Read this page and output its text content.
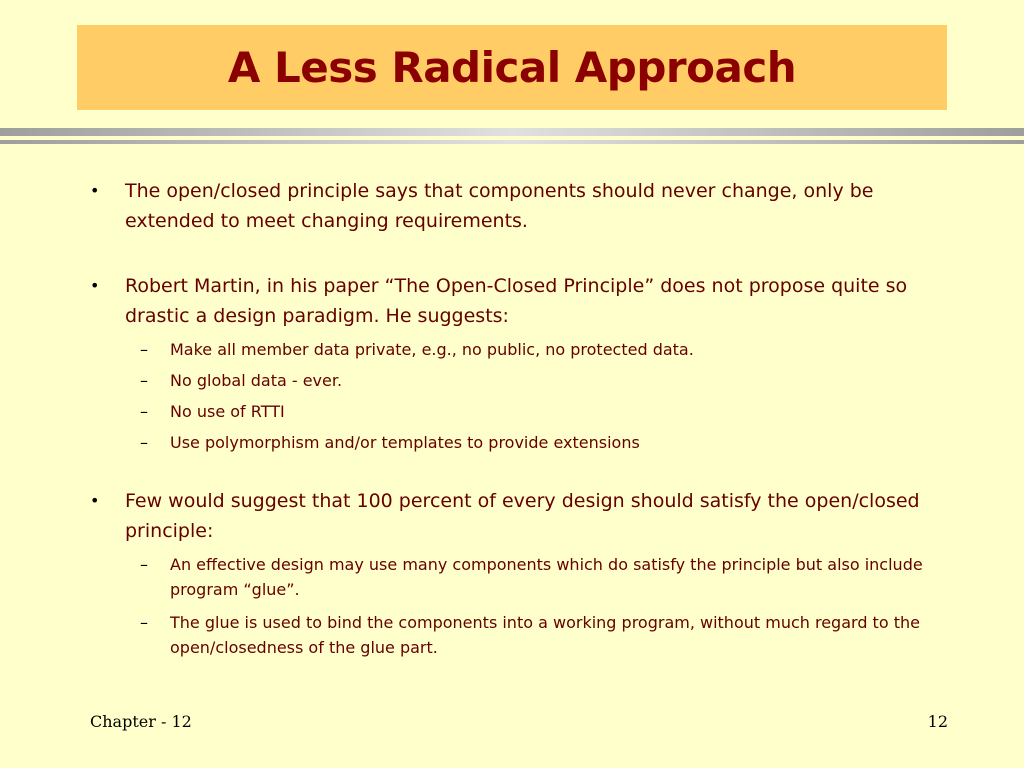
A Less Radical Approach
•	The open/closed principle says that components should never change, only be extended to meet changing requirements.
•	Robert Martin, in his paper “The Open-Closed Principle” does not propose quite so drastic a design paradigm. He suggests:
–	Make all member data private, e.g., no public, no protected data.
–	No global data - ever.
–	No use of RTTI
–	Use polymorphism and/or templates to provide extensions
•	Few would suggest that 100 percent of every design should satisfy the open/closed principle:
–	An effective design may use many components which do satisfy the principle but also include program “glue”.
–	The glue is used to bind the components into a working program, without much regard to the open/closedness of the glue part.
Chapter - 12	12
